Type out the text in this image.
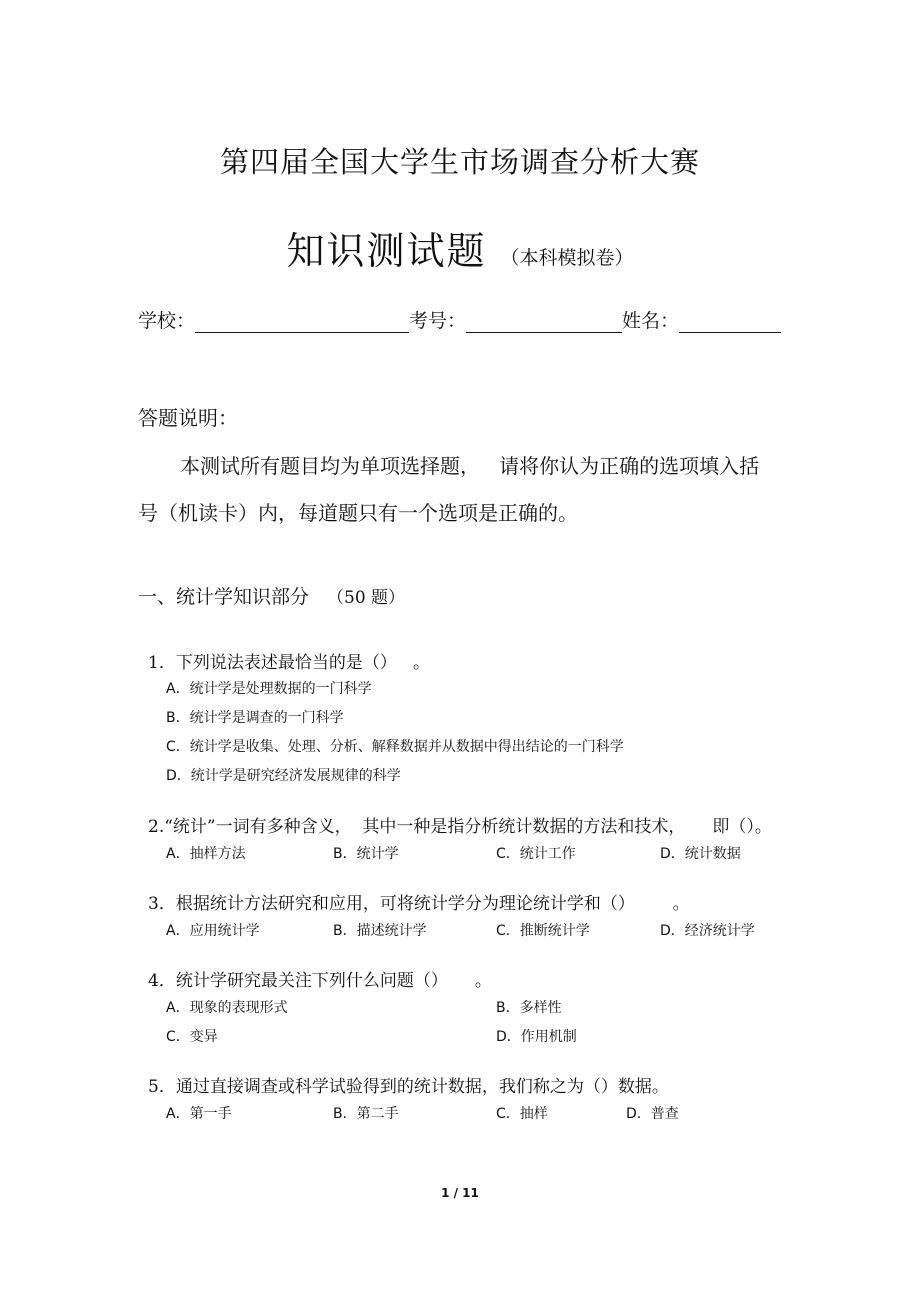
第四届全国大学生市场调查分析大赛
知识测试题 （本科模拟卷）
学校：	考号：	姓名：
答题说明：
本测试所有题目均为单项选择题，   请将你认为正确的选项填入括
号（机读卡）内，每道题只有一个选项是正确的。
一、统计学知识部分 （50 题）
1．下列说法表述最恰当的是（）   。
A．统计学是处理数据的一门科学
B．统计学是调查的一门科学
C．统计学是收集、处理、分析、解释数据并从数据中得出结论的一门科学
D．统计学是研究经济发展规律的科学
2.“统计”一词有多种含义，  其中一种是指分析统计数据的方法和技术，     即（）。
A．抽样方法	B．统计学	C．统计工作	D．统计数据
3．根据统计方法研究和应用，可将统计学分为理论统计学和（）       。
A．应用统计学	B．描述统计学	C．推断统计学	D．经济统计学
4．统计学研究最关注下列什么问题（）     。
A．现象的表现形式	B．多样性
C．变异	D．作用机制
5．通过直接调查或科学试验得到的统计数据，我们称之为（）数据。
A．第一手	B．第二手	C．抽样	D．普查
1 / 11
